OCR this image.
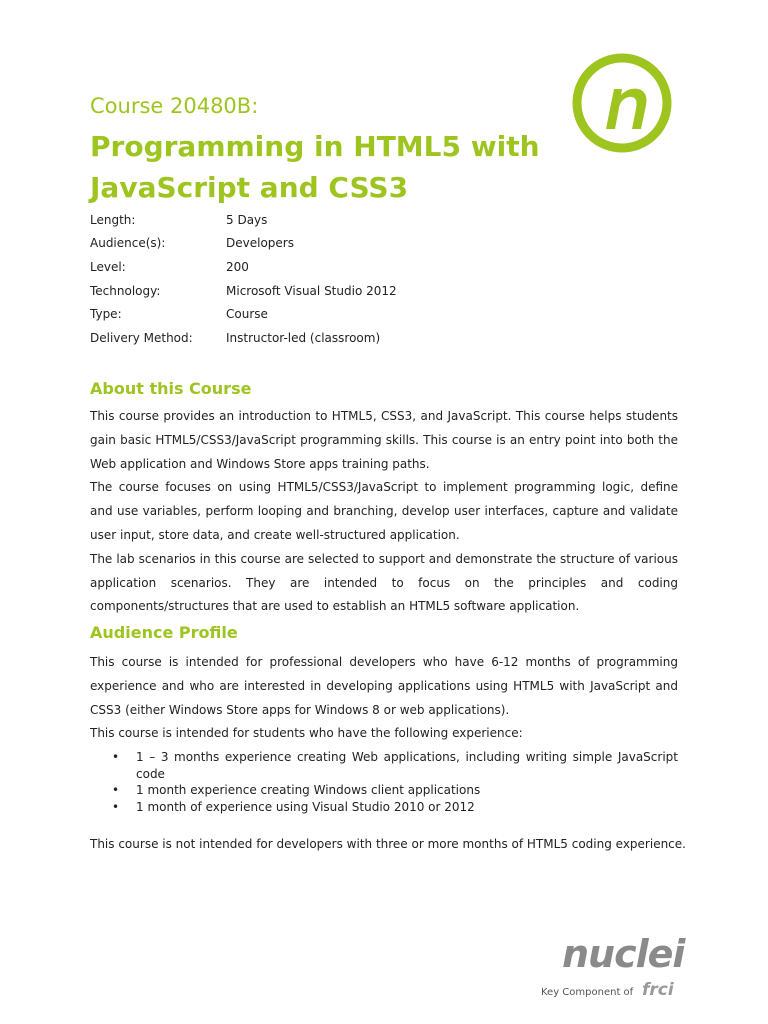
Course 20480B:
Programming in HTML5 with JavaScript and CSS3
Length:	5 Days
Audience(s):	Developers
Level:	200
Technology:	Microsoft Visual Studio 2012
Type:	Course
Delivery Method:	Instructor-led (classroom)
About this Course

This course provides an introduction to HTML5, CSS3, and JavaScript. This course helps students gain basic HTML5/CSS3/JavaScript programming skills. This course is an entry point into both the Web application and Windows Store apps training paths.

The course focuses on using HTML5/CSS3/JavaScript to implement programming logic, define and use variables, perform looping and branching, develop user interfaces, capture and validate user input, store data, and create well-structured application.

The lab scenarios in this course are selected to support and demonstrate the structure of various application scenarios. They are intended to focus on the principles and coding components/structures that are used to establish an HTML5 software application.

Audience Profile

This course is intended for professional developers who have 6-12 months of programming experience and who are interested in developing applications using HTML5 with JavaScript and CSS3 (either Windows Store apps for Windows 8 or web applications).

This course is intended for students who have the following experience:

• 1 – 3 months experience creating Web applications, including writing simple JavaScript code
• 1 month experience creating Windows client applications
• 1 month of experience using Visual Studio 2010 or 2012
This course is not intended for developers with three or more months of HTML5 coding experience.
nuclei
Key Component of frci
